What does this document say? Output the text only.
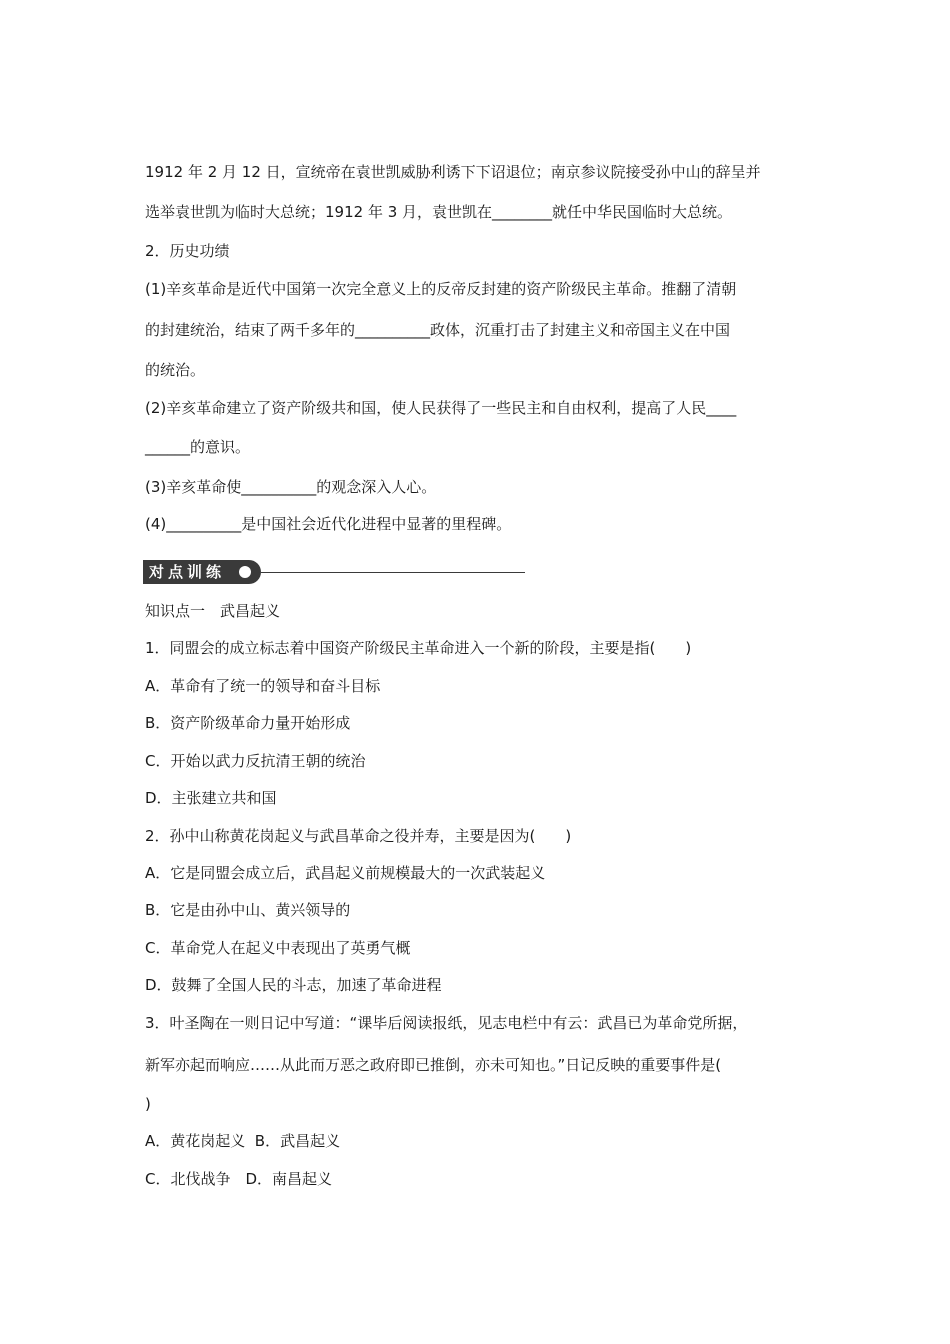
1912 年 2 月 12 日，宣统帝在袁世凯威胁利诱下下诏退位；南京参议院接受孙中山的辞呈并
选举袁世凯为临时大总统；1912 年 3 月，袁世凯在________就任中华民国临时大总统。
2．历史功绩
(1)辛亥革命是近代中国第一次完全意义上的反帝反封建的资产阶级民主革命。推翻了清朝
的封建统治，结束了两千多年的__________政体，沉重打击了封建主义和帝国主义在中国
的统治。
(2)辛亥革命建立了资产阶级共和国，使人民获得了一些民主和自由权利，提高了人民____
______的意识。
(3)辛亥革命使__________的观念深入人心。
(4)__________是中国社会近代化进程中显著的里程碑。
对点训练
知识点一　武昌起义
1．同盟会的成立标志着中国资产阶级民主革命进入一个新的阶段，主要是指(　　)
A．革命有了统一的领导和奋斗目标
B．资产阶级革命力量开始形成
C．开始以武力反抗清王朝的统治
D．主张建立共和国
2．孙中山称黄花岗起义与武昌革命之役并寿，主要是因为(　　)
A．它是同盟会成立后，武昌起义前规模最大的一次武装起义
B．它是由孙中山、黄兴领导的
C．革命党人在起义中表现出了英勇气概
D．鼓舞了全国人民的斗志，加速了革命进程
3．叶圣陶在一则日记中写道：“课毕后阅读报纸，见志电栏中有云：武昌已为革命党所据，
新军亦起而响应……从此而万恶之政府即已推倒，亦未可知也。”日记反映的重要事件是(
)
A．黄花岗起义  B．武昌起义
C．北伐战争　D．南昌起义
